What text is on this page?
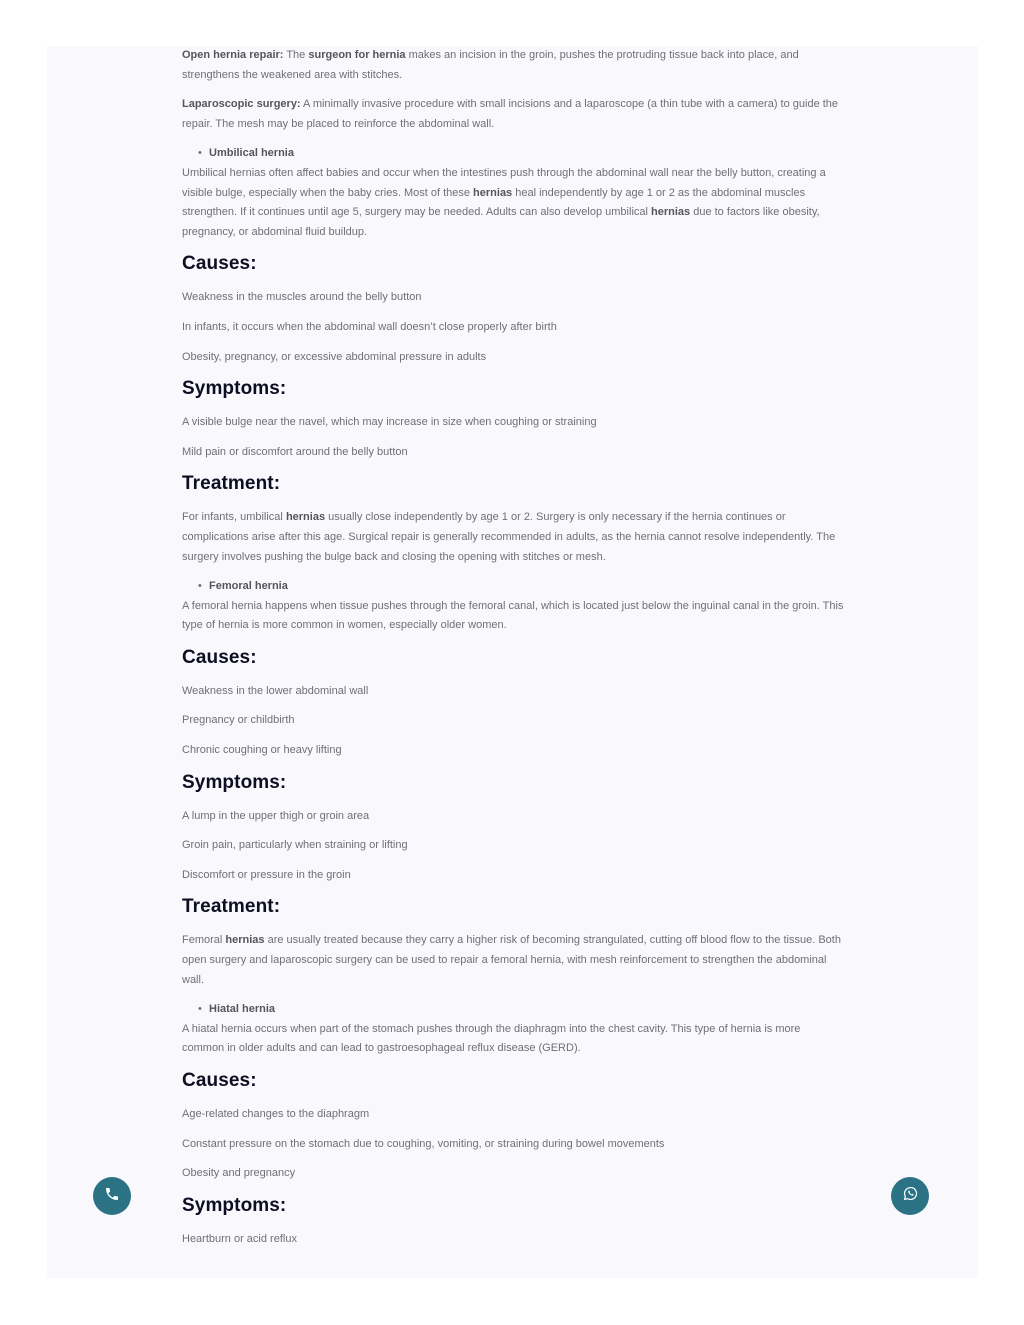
Open hernia repair: The surgeon for hernia makes an incision in the groin, pushes the protruding tissue back into place, and strengthens the weakened area with stitches.

Laparoscopic surgery: A minimally invasive procedure with small incisions and a laparoscope (a thin tube with a camera) to guide the repair. The mesh may be placed to reinforce the abdominal wall.

• Umbilical hernia

Umbilical hernias often affect babies and occur when the intestines push through the abdominal wall near the belly button, creating a visible bulge, especially when the baby cries. Most of these hernias heal independently by age 1 or 2 as the abdominal muscles strengthen. If it continues until age 5, surgery may be needed. Adults can also develop umbilical hernias due to factors like obesity, pregnancy, or abdominal fluid buildup.

Causes:

Weakness in the muscles around the belly button

In infants, it occurs when the abdominal wall doesn’t close properly after birth

Obesity, pregnancy, or excessive abdominal pressure in adults

Symptoms:

A visible bulge near the navel, which may increase in size when coughing or straining

Mild pain or discomfort around the belly button

Treatment:

For infants, umbilical hernias usually close independently by age 1 or 2. Surgery is only necessary if the hernia continues or complications arise after this age. Surgical repair is generally recommended in adults, as the hernia cannot resolve independently. The surgery involves pushing the bulge back and closing the opening with stitches or mesh.

• Femoral hernia

A femoral hernia happens when tissue pushes through the femoral canal, which is located just below the inguinal canal in the groin. This type of hernia is more common in women, especially older women.

Causes:

Weakness in the lower abdominal wall

Pregnancy or childbirth

Chronic coughing or heavy lifting

Symptoms:

A lump in the upper thigh or groin area

Groin pain, particularly when straining or lifting

Discomfort or pressure in the groin

Treatment:

Femoral hernias are usually treated because they carry a higher risk of becoming strangulated, cutting off blood flow to the tissue. Both open surgery and laparoscopic surgery can be used to repair a femoral hernia, with mesh reinforcement to strengthen the abdominal wall.

• Hiatal hernia

A hiatal hernia occurs when part of the stomach pushes through the diaphragm into the chest cavity. This type of hernia is more common in older adults and can lead to gastroesophageal reflux disease (GERD).

Causes:

Age-related changes to the diaphragm

Constant pressure on the stomach due to coughing, vomiting, or straining during bowel movements

Obesity and pregnancy

Symptoms:

Heartburn or acid reflux
